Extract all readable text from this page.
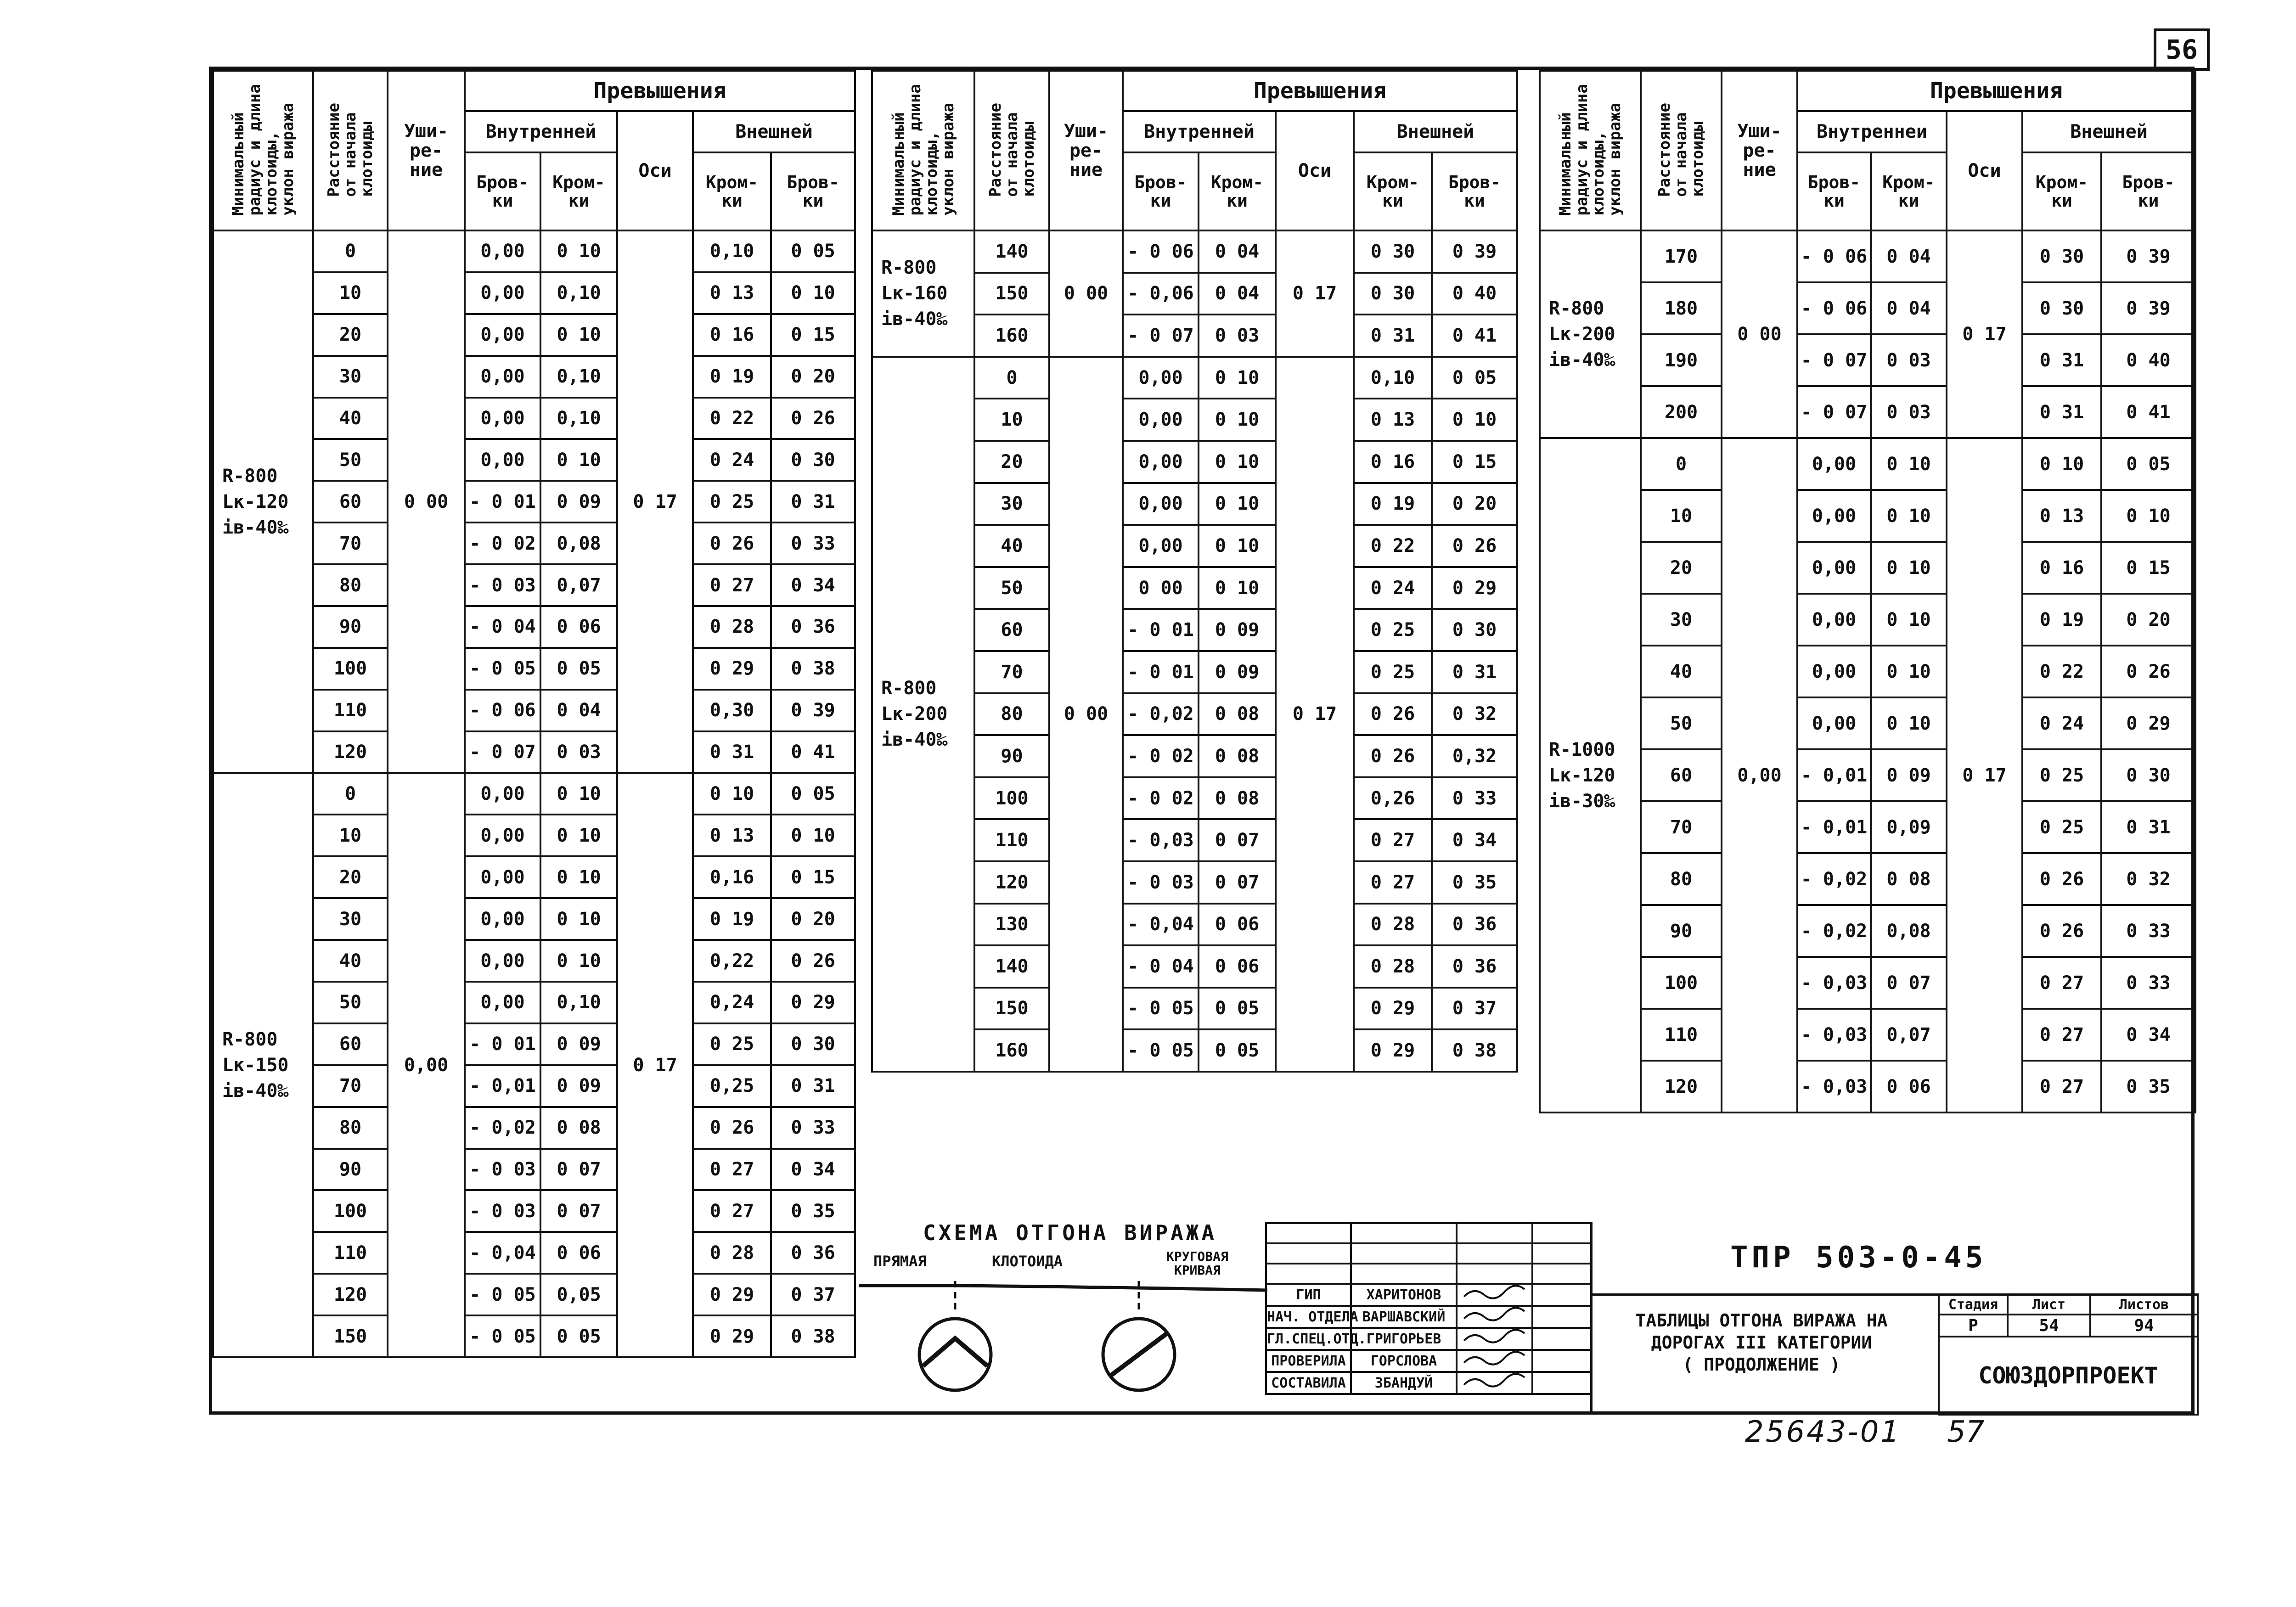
56
Минимальный
радиус и длина
клотоиды,
уклон виража	Расстояние
от начала
клотоиды	Уши-
ре-
ние	Превышения				
			Внутренней		Оси	Внешней	
			Бров-
ки	Кром-
ки		Кром-
ки	Бров-
ки
R-800
Lк-120
iв-40‰	0	0 00	0,00	0 10	0 17	0,10	0 05
	10		0,00	0,10		0 13	0 10
	20		0,00	0 10		0 16	0 15
	30		0,00	0,10		0 19	0 20
	40		0,00	0,10		0 22	0 26
	50		0,00	0 10		0 24	0 30
	60		- 0 01	0 09		0 25	0 31
	70		- 0 02	0,08		0 26	0 33
	80		- 0 03	0,07		0 27	0 34
	90		- 0 04	0 06		0 28	0 36
	100		- 0 05	0 05		0 29	0 38
	110		- 0 06	0 04		0,30	0 39
	120		- 0 07	0 03		0 31	0 41
R-800
Lк-150
iв-40‰	0	0,00	0,00	0 10	0 17	0 10	0 05
	10		0,00	0 10		0 13	0 10
	20		0,00	0 10		0,16	0 15
	30		0,00	0 10		0 19	0 20
	40		0,00	0 10		0,22	0 26
	50		0,00	0,10		0,24	0 29
	60		- 0 01	0 09		0 25	0 30
	70		- 0,01	0 09		0,25	0 31
	80		- 0,02	0 08		0 26	0 33
	90		- 0 03	0 07		0 27	0 34
	100		- 0 03	0 07		0 27	0 35
	110		- 0,04	0 06		0 28	0 36
	120		- 0 05	0,05		0 29	0 37
	150		- 0 05	0 05		0 29	0 38
Минимальный
радиус и длина
клотоиды,
уклон виража	Расстояние
от начала
клотоиды	Уши-
ре-
ние	Превышения				
			Внутренней		Оси	Внешней	
			Бров-
ки	Кром-
ки		Кром-
ки	Бров-
ки
R-800
Lк-160
iв-40‰	140	0 00	- 0 06	0 04	0 17	0 30	0 39
	150		- 0,06	0 04		0 30	0 40
	160		- 0 07	0 03		0 31	0 41
R-800
Lк-200
iв-40‰	0	0 00	0,00	0 10	0 17	0,10	0 05
	10		0,00	0 10		0 13	0 10
	20		0,00	0 10		0 16	0 15
	30		0,00	0 10		0 19	0 20
	40		0,00	0 10		0 22	0 26
	50		0 00	0 10		0 24	0 29
	60		- 0 01	0 09		0 25	0 30
	70		- 0 01	0 09		0 25	0 31
	80		- 0,02	0 08		0 26	0 32
	90		- 0 02	0 08		0 26	0,32
	100		- 0 02	0 08		0,26	0 33
	110		- 0,03	0 07		0 27	0 34
	120		- 0 03	0 07		0 27	0 35
	130		- 0,04	0 06		0 28	0 36
	140		- 0 04	0 06		0 28	0 36
	150		- 0 05	0 05		0 29	0 37
	160		- 0 05	0 05		0 29	0 38
Минимальный
радиус и длина
клотоиды,
уклон виража	Расстояние
от начала
клотоиды	Уши-
ре-
ние	Превышения				
			Внутреннеи		Оси	Внешней	
			Бров-
ки	Кром-
ки		Кром-
ки	Бров-
ки
R-800
Lк-200
iв-40‰	170	0 00	- 0 06	0 04	0 17	0 30	0 39
	180		- 0 06	0 04		0 30	0 39
	190		- 0 07	0 03		0 31	0 40
	200		- 0 07	0 03		0 31	0 41
R-1000
Lк-120
iв-30‰	0	0,00	0,00	0 10	0 17	0 10	0 05
	10		0,00	0 10		0 13	0 10
	20		0,00	0 10		0 16	0 15
	30		0,00	0 10		0 19	0 20
	40		0,00	0 10		0 22	0 26
	50		0,00	0 10		0 24	0 29
	60		- 0,01	0 09		0 25	0 30
	70		- 0,01	0,09		0 25	0 31
	80		- 0,02	0 08		0 26	0 32
	90		- 0,02	0,08		0 26	0 33
	100		- 0,03	0 07		0 27	0 33
	110		- 0,03	0,07		0 27	0 34
	120		- 0,03	0 06		0 27	0 35
СХЕМА ОТГОНА ВИРАЖА
ПРЯМАЯ	КЛОТОИДА	КРУГОВАЯ
КРИВАЯ

ГИП	ХАРИТОНОВ		
НАЧ. ОТДЕЛА	ВАРШАВСКИЙ		
ГЛ.СПЕЦ.ОТД.	ГРИГОРЬЕВ		
ПРОВЕРИЛА	ГОРСЛОВА		
СОСТАВИЛА	ЗБАНДУЙ		
ТПР 503-0-45
ТАБЛИЦЫ ОТГОНА ВИРАЖА НА
ДОРОГАХ III КАТЕГОРИИ
( ПРОДОЛЖЕНИЕ )
Стадия	Лист	Листов
Р	54	94
СОЮЗДОРПРОЕКТ		
25643-01 57
